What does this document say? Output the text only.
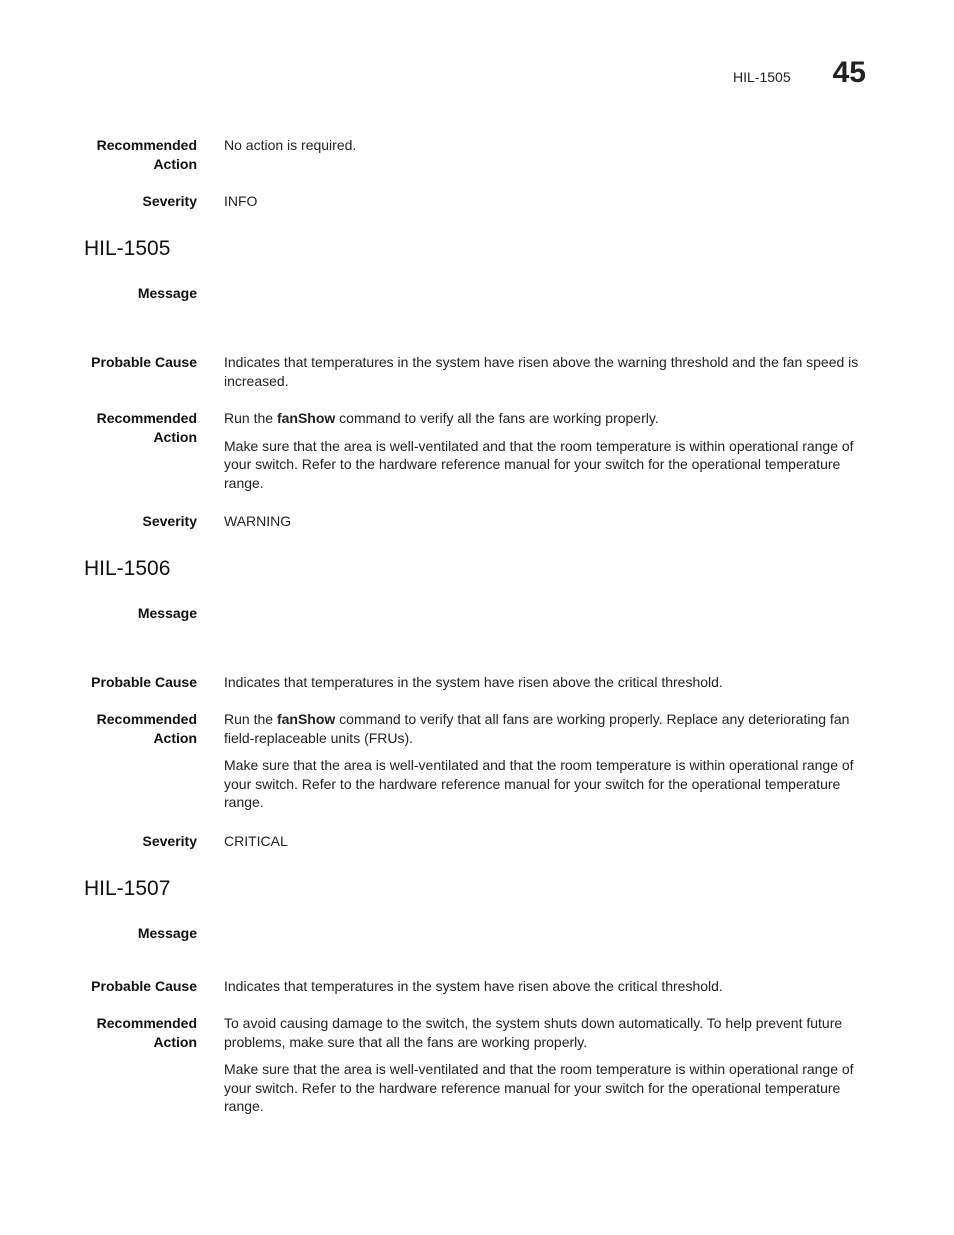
HIL-1505 45
Recommended
Action
No action is required.
Severity INFO
HIL-1505
Message
Probable Cause Indicates that temperatures in the system have risen above the warning threshold and the fan speed is increased.
Recommended
Action

Run the fanShow command to verify all the fans are working properly.

Make sure that the area is well-ventilated and that the room temperature is within operational range of your switch. Refer to the hardware reference manual for your switch for the operational temperature range.

Severity WARNING
HIL-1506
Message
Probable Cause Indicates that temperatures in the system have risen above the critical threshold.
Recommended
Action

Run the fanShow command to verify that all fans are working properly. Replace any deteriorating fan field-replaceable units (FRUs).

Make sure that the area is well-ventilated and that the room temperature is within operational range of your switch. Refer to the hardware reference manual for your switch for the operational temperature range.

Severity CRITICAL
HIL-1507
Message
Probable Cause Indicates that temperatures in the system have risen above the critical threshold.
Recommended
Action

To avoid causing damage to the switch, the system shuts down automatically. To help prevent future problems, make sure that all the fans are working properly.

Make sure that the area is well-ventilated and that the room temperature is within operational range of your switch. Refer to the hardware reference manual for your switch for the operational temperature range.
